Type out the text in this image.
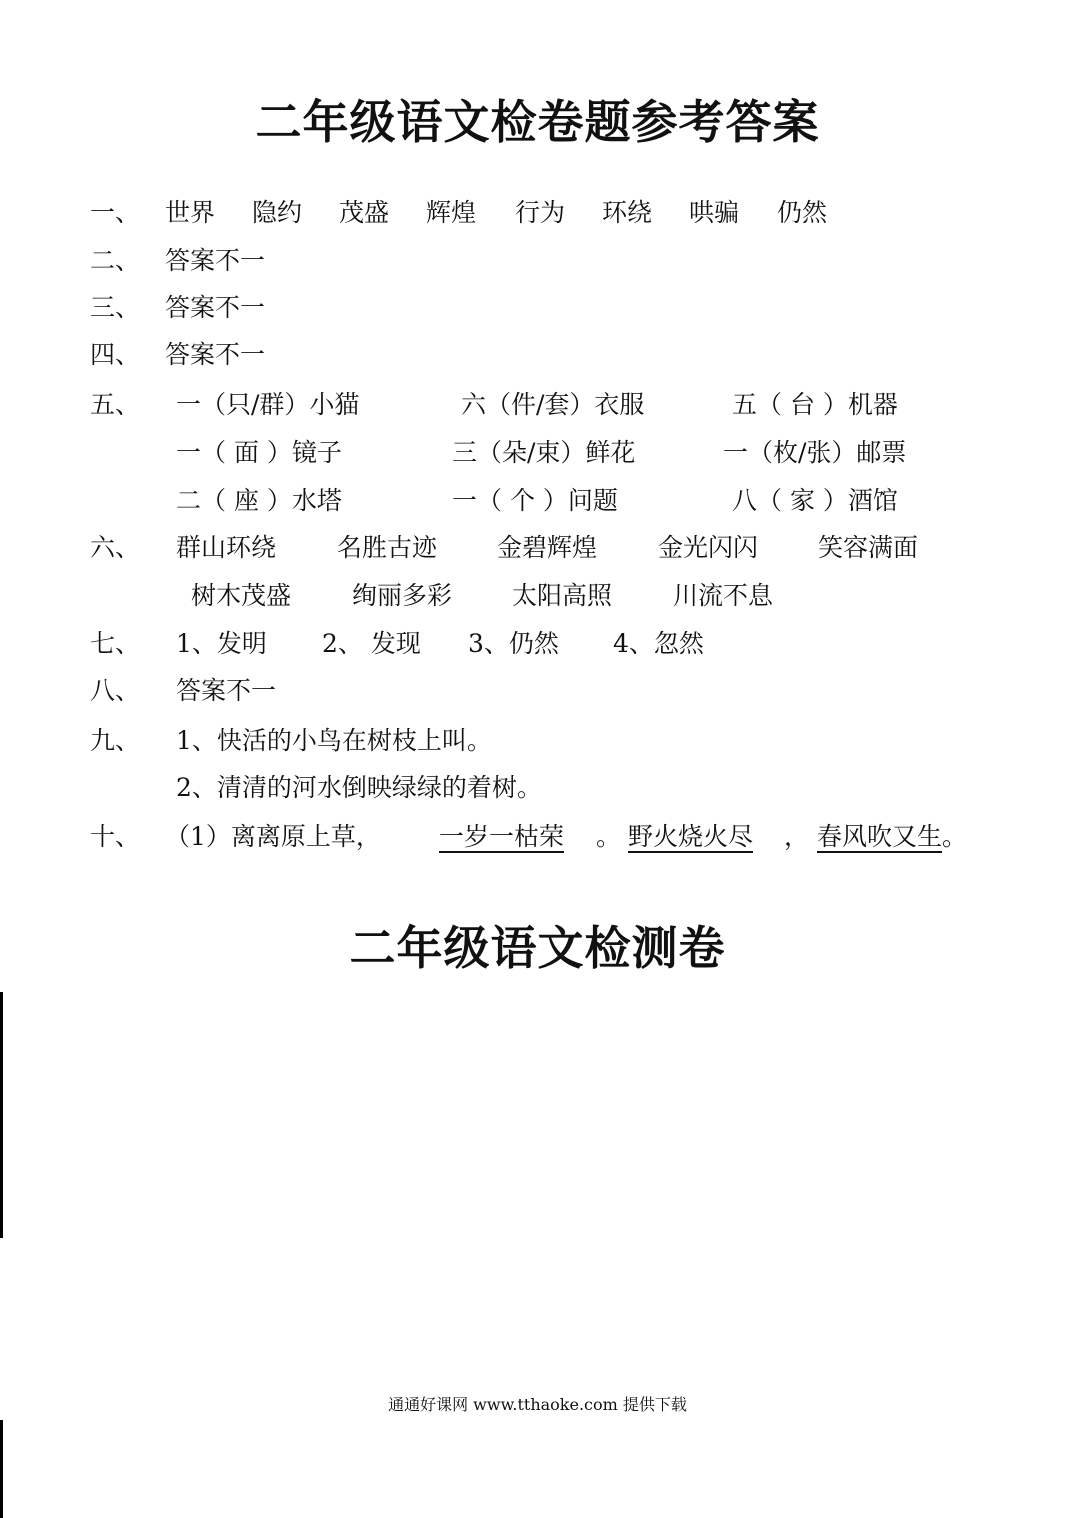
二年级语文检卷题参考答案
一、 世界 隐约 茂盛 辉煌 行为 环绕 哄骗 仍然
二、 答案不一
三、 答案不一
四、 答案不一
五、 一（只/群）小猫	六（件/套）衣服	五（ 台 ）机器
一（ 面 ）镜子	三（朵/束）鲜花	一（枚/张）邮票
二（ 座 ）水塔	一（ 个 ）问题	八（ 家 ）酒馆
六、 群山环绕 名胜古迹 金碧辉煌 金光闪闪 笑容满面
树木茂盛 绚丽多彩 太阳高照 川流不息
七、 1、发明 2、 发现 3、仍然 4、忽然
八、 答案不一
九、 1、快活的小鸟在树枝上叫。
2、清清的河水倒映绿绿的着树。
十、 （1）离离原上草， 一岁一枯荣 。 野火烧火尽 ， 春风吹又生 。
二年级语文检测卷
通通好课网 www.tthaoke.com 提供下载
